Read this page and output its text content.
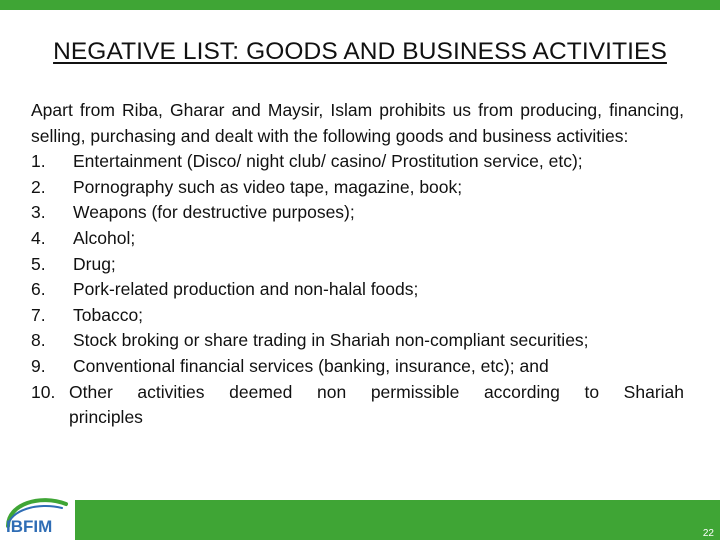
NEGATIVE LIST: GOODS AND BUSINESS ACTIVITIES

Apart from Riba, Gharar and Maysir, Islam prohibits us from producing, financing, selling, purchasing and dealt with the following goods and business activities:

1.	Entertainment (Disco/ night club/ casino/ Prostitution service, etc);
2.	Pornography such as video tape, magazine, book;
3.	Weapons (for destructive purposes);
4.	Alcohol;
5.	Drug;
6.	Pork-related production and non-halal foods;
7.	Tobacco;
8.	Stock broking or share trading in Shariah non-compliant securities;
9.	Conventional financial services (banking, insurance, etc); and
10. Other activities deemed non permissible according to Shariah
principles
22
IBFIM
